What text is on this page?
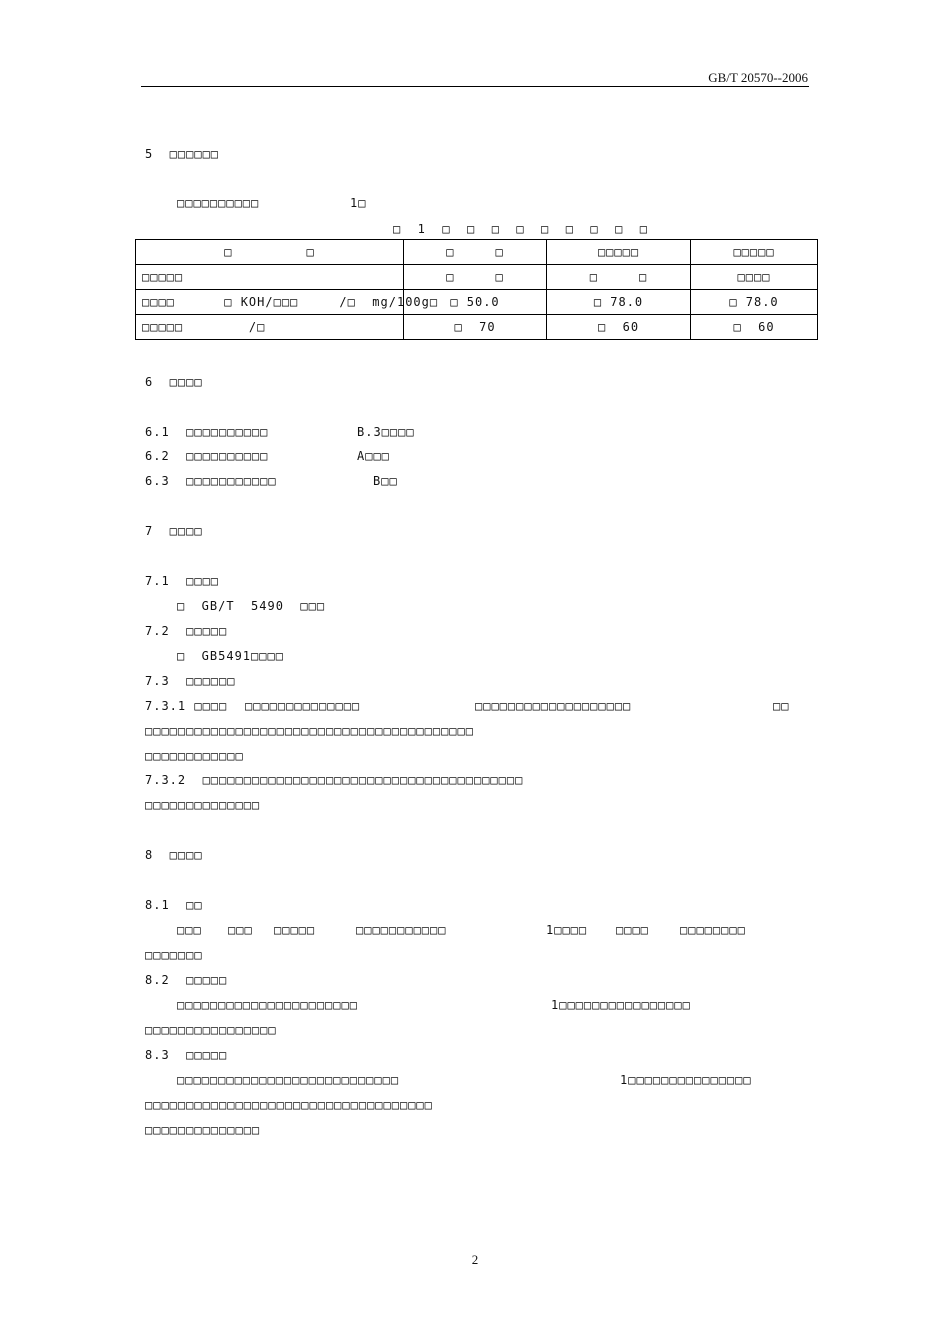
GB/T 20570--2006
5  □□□□□□
□□□□□□□□□□	1□
□  1  □  □  □  □  □  □  □  □  □
□         □	□     □	□□□□□	□□□□□
□□□□□	□     □	□     □	□□□□
□□□□      □ KOH/□□□     /□  mg/100g□	□ 50.0	□ 78.0	□ 78.0
□□□□□        /□	□  70	□  60	□  60
6  □□□□
6.1  □□□□□□□□□□	B.3□□□□
6.2  □□□□□□□□□□	A□□□
6.3  □□□□□□□□□□□	B□□
7  □□□□
7.1  □□□□
□  GB/T  5490  □□□
7.2  □□□□□
□  GB5491□□□□
7.3  □□□□□□
7.3.1 □□□□ □□□□□□□□□□□□□□	□□□□□□□□□□□□□□□□□□□	□□
□□□□□□□□□□□□□□□□□□□□□□□□□□□□□□□□□□□□□□□□
□□□□□□□□□□□□
7.3.2  □□□□□□□□□□□□□□□□□□□□□□□□□□□□□□□□□□□□□□□
□□□□□□□□□□□□□□
8  □□□□
8.1  □□
□□□ □□□ □□□□□	□□□□□□□□□□□	1□□□□ □□□□	□□□□□□□□
□□□□□□□
8.2  □□□□□
□□□□□□□□□□□□□□□□□□□□□□	1□□□□□□□□□□□□□□□□
□□□□□□□□□□□□□□□□
8.3  □□□□□
□□□□□□□□□□□□□□□□□□□□□□□□□□□	1□□□□□□□□□□□□□□□
□□□□□□□□□□□□□□□□□□□□□□□□□□□□□□□□□□□
□□□□□□□□□□□□□□
2
